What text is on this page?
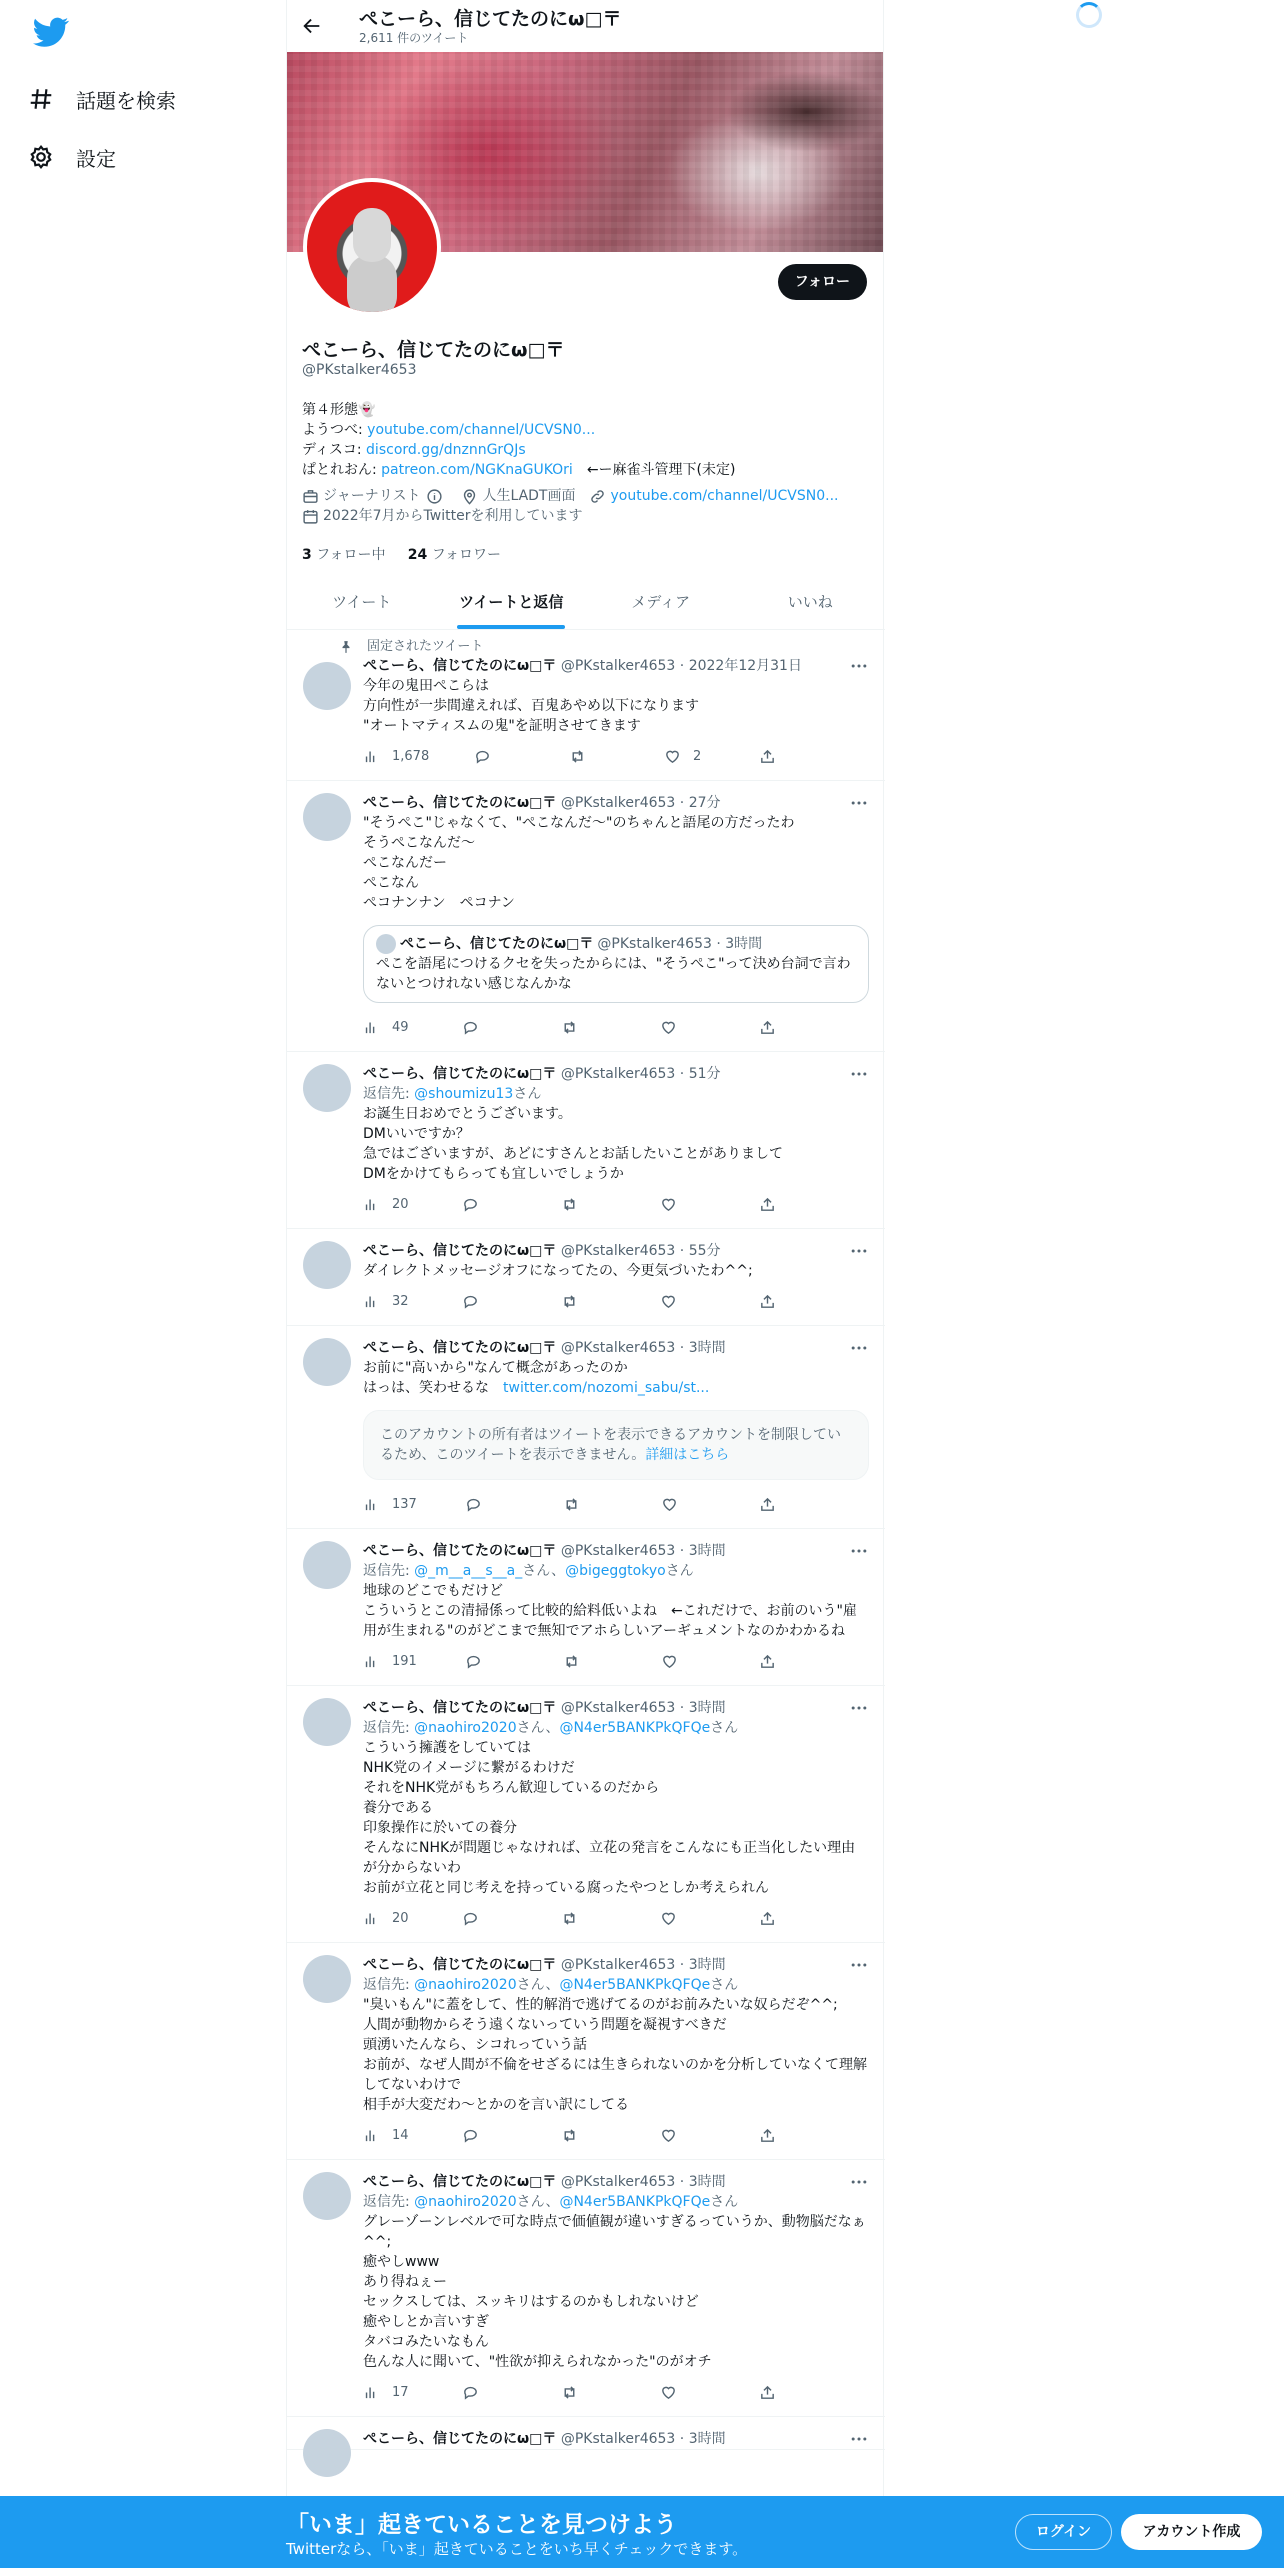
話題を検索
設定
ぺこーら、信じてたのにω□〒
2,611 件のツイート
フォロー
ぺこーら、信じてたのにω□〒
@PKstalker4653
第４形態👻
ようつべ: youtube.com/channel/UCVSN0...
ディスコ: discord.gg/dnznnGrQJs
ぱとれおん: patreon.com/NGKnaGUKOri　←ー麻雀斗管理下(未定)
ジャーナリスト	人生LADT画面	youtube.com/channel/UCVSN0...
2022年7月からTwitterを利用しています
3 フォロー中 24 フォロワー
ツイート	ツイートと返信	メディア	いいね
固定されたツイート
ぺこーら、信じてたのにω□〒 @PKstalker4653 · 2022年12月31日
今年の鬼田ぺこらは
方向性が一歩間違えれば、百鬼あやめ以下になります
"オートマティスムの鬼"を証明させてきます
1,678	2
ぺこーら、信じてたのにω□〒 @PKstalker4653 · 27分
"そうぺこ"じゃなくて、"ぺこなんだ〜"のちゃんと語尾の方だったわ
そうぺこなんだ〜
ぺこなんだー
ぺこなん
ぺコナンナン　ペコナン
ぺこーら、信じてたのにω□〒 @PKstalker4653 · 3時間
ぺこを語尾につけるクセを失ったからには、"そうぺこ"って決め台詞で言わないとつけれない感じなんかな
49
ぺこーら、信じてたのにω□〒 @PKstalker4653 · 51分
返信先: @shoumizu13さん
お誕生日おめでとうございます。
DMいいですか？
急ではございますが、あどにすさんとお話したいことがありまして
DMをかけてもらっても宜しいでしょうか
20
ぺこーら、信じてたのにω□〒 @PKstalker4653 · 55分
ダイレクトメッセージオフになってたの、今更気づいたわ^^;
32
ぺこーら、信じてたのにω□〒 @PKstalker4653 · 3時間
お前に"高いから"なんて概念があったのか
はっは、笑わせるな　twitter.com/nozomi_sabu/st...
このアカウントの所有者はツイートを表示できるアカウントを制限しているため、このツイートを表示できません。詳細はこちら
137
ぺこーら、信じてたのにω□〒 @PKstalker4653 · 3時間
返信先: @_m__a__s__a_さん、@bigeggtokyoさん
地球のどこでもだけど
こういうとこの清掃係って比較的給料低いよね　←これだけで、お前のいう"雇用が生まれる"のがどこまで無知でアホらしいアーギュメントなのかわかるね
191
ぺこーら、信じてたのにω□〒 @PKstalker4653 · 3時間
返信先: @naohiro2020さん、@N4er5BANKPkQFQeさん
こういう擁護をしていては
NHK党のイメージに繋がるわけだ
それをNHK党がもちろん歓迎しているのだから
養分である
印象操作に於いての養分
そんなにNHKが問題じゃなければ、立花の発言をこんなにも正当化したい理由が分からないわ
お前が立花と同じ考えを持っている腐ったやつとしか考えられん
20
ぺこーら、信じてたのにω□〒 @PKstalker4653 · 3時間
返信先: @naohiro2020さん、@N4er5BANKPkQFQeさん
"臭いもん"に蓋をして、性的解消で逃げてるのがお前みたいな奴らだぞ^^;
人間が動物からそう遠くないっていう問題を凝視すべきだ
頭湧いたんなら、シコれっていう話
お前が、なぜ人間が不倫をせざるには生きられないのかを分析していなくて理解してないわけで
相手が大変だわ〜とかのを言い訳にしてる
14
ぺこーら、信じてたのにω□〒 @PKstalker4653 · 3時間
返信先: @naohiro2020さん、@N4er5BANKPkQFQeさん
グレーゾーンレベルで可な時点で価値観が違いすぎるっていうか、動物脳だなぁ^^;
癒やしwww
あり得ねぇー
セックスしては、スッキリはするのかもしれないけど
癒やしとか言いすぎ
タバコみたいなもん
色んな人に聞いて、"性欲が抑えられなかった"のがオチ
17
ぺこーら、信じてたのにω□〒 @PKstalker4653 · 3時間
「いま」起きていることを見つけよう
Twitterなら、「いま」起きていることをいち早くチェックできます。
ログイン	アカウント作成
